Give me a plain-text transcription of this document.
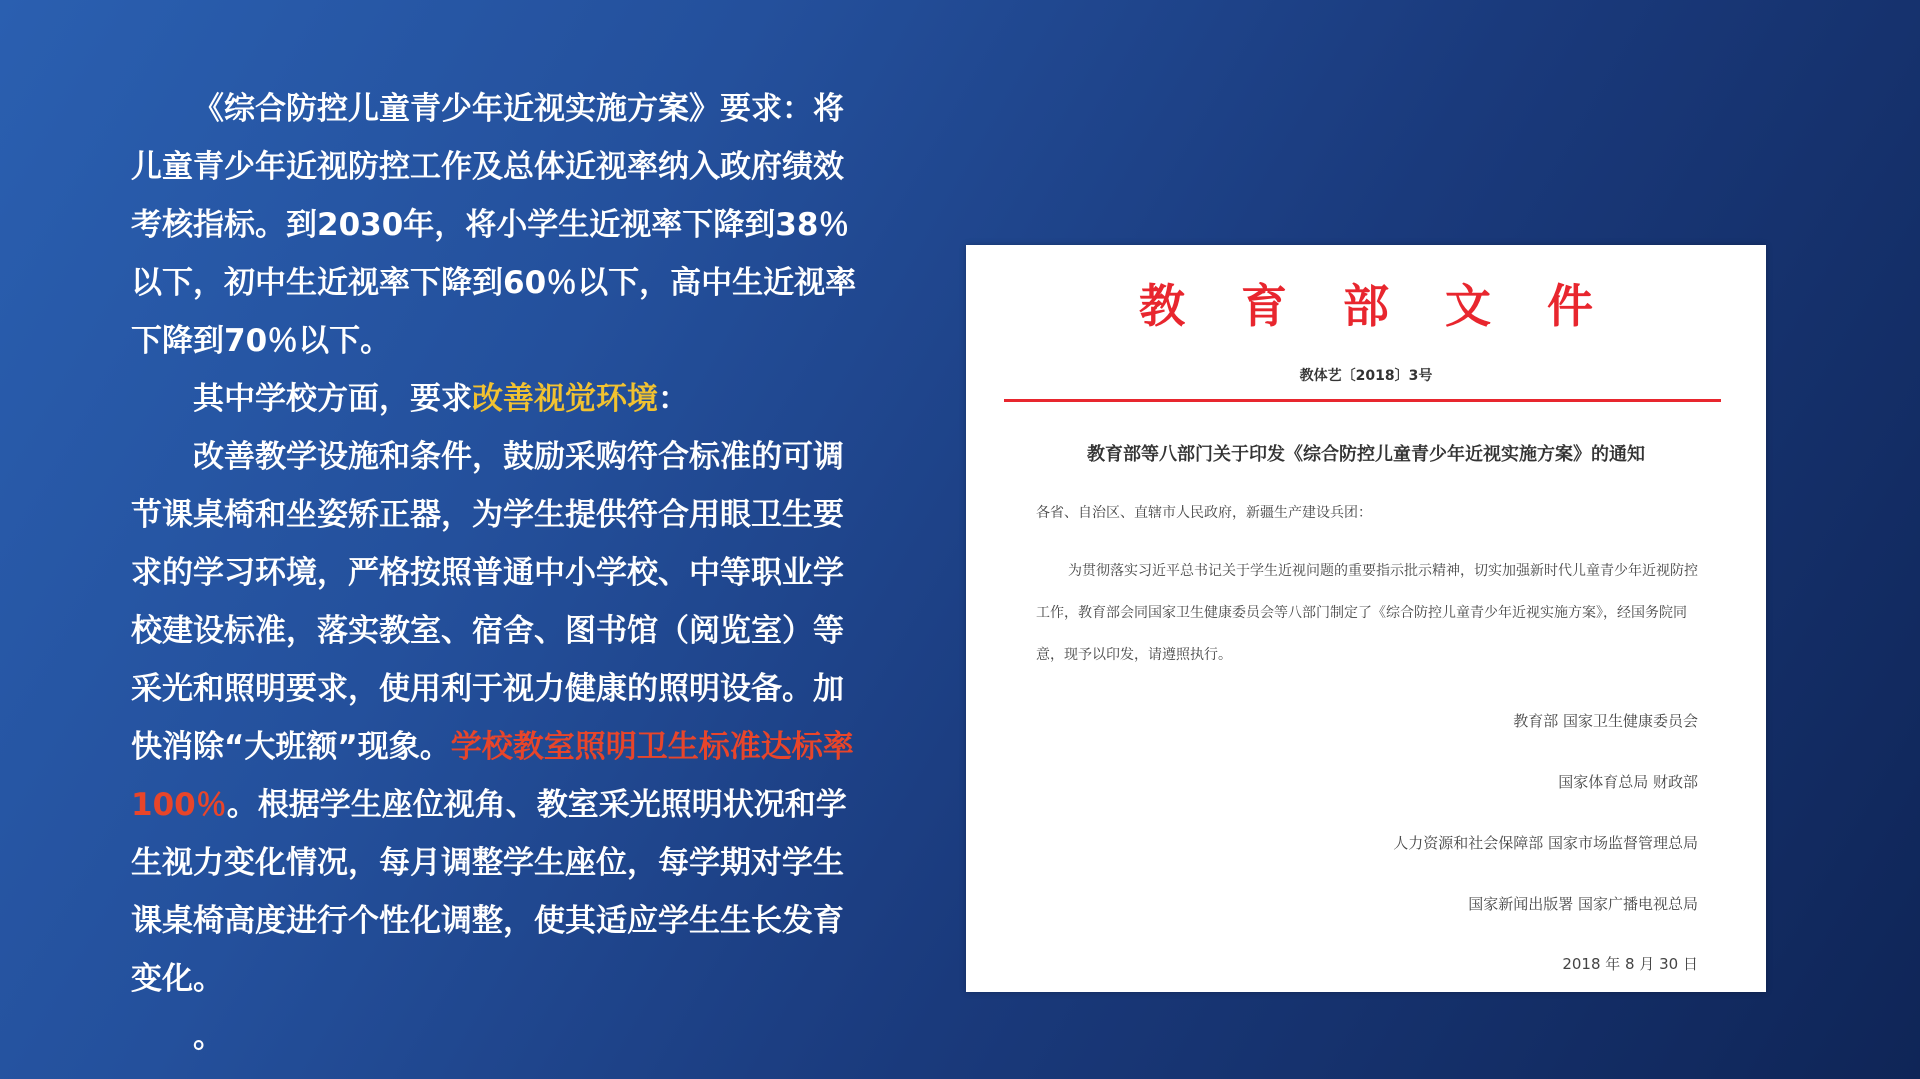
《综合防控儿童青少年近视实施方案》要求：将儿童青少年近视防控工作及总体近视率纳入政府绩效考核指标。到2030年，将小学生近视率下降到38％以下，初中生近视率下降到60％以下，高中生近视率下降到70％以下。

其中学校方面，要求改善视觉环境：

改善教学设施和条件，鼓励采购符合标准的可调节课桌椅和坐姿矫正器，为学生提供符合用眼卫生要求的学习环境，严格按照普通中小学校、中等职业学校建设标准，落实教室、宿舍、图书馆（阅览室）等采光和照明要求，使用利于视力健康的照明设备。加快消除“大班额”现象。学校教室照明卫生标准达标率100％。根据学生座位视角、教室采光照明状况和学生视力变化情况，每月调整学生座位，每学期对学生课桌椅高度进行个性化调整，使其适应学生生长发育变化。

。

教育部文件
教体艺〔2018〕3号
教育部等八部门关于印发《综合防控儿童青少年近视实施方案》的通知
各省、自治区、直辖市人民政府，新疆生产建设兵团：
为贯彻落实习近平总书记关于学生近视问题的重要指示批示精神，切实加强新时代儿童青少年近视防控工作，教育部会同国家卫生健康委员会等八部门制定了《综合防控儿童青少年近视实施方案》，经国务院同意，现予以印发，请遵照执行。
教育部 国家卫生健康委员会
国家体育总局 财政部
人力资源和社会保障部 国家市场监督管理总局
国家新闻出版署 国家广播电视总局
2018 年 8 月 30 日
